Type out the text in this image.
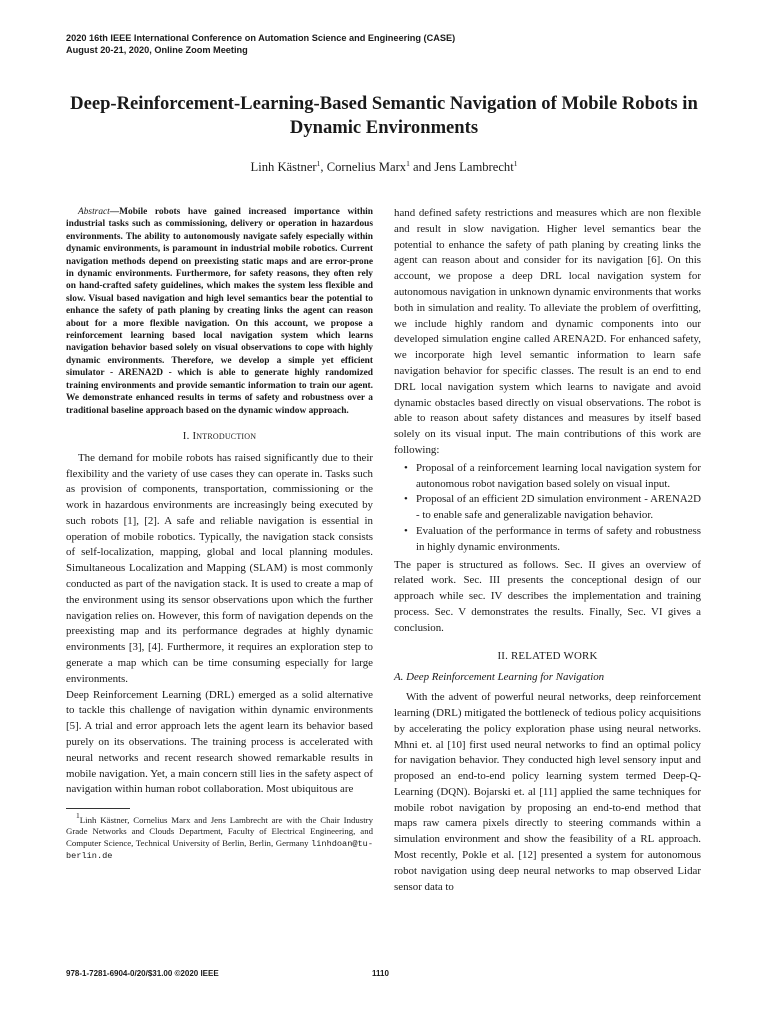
2020 16th IEEE International Conference on Automation Science and Engineering (CASE)
August 20-21, 2020, Online Zoom Meeting
Deep-Reinforcement-Learning-Based Semantic Navigation of Mobile Robots in Dynamic Environments
Linh Kästner$^1$, Cornelius Marx$^1$ and Jens Lambrecht$^1$

Abstract—Mobile robots have gained increased importance within industrial tasks such as commissioning, delivery or operation in hazardous environments. The ability to autonomously navigate safely especially within dynamic environments, is paramount in industrial mobile robotics. Current navigation methods depend on preexisting static maps and are error-prone in dynamic environments. Furthermore, for safety reasons, they often rely on hand-crafted safety guidelines, which makes the system less flexible and slow. Visual based navigation and high level semantics bear the potential to enhance the safety of path planing by creating links the agent can reason about for a more flexible navigation. On this account, we propose a reinforcement learning based local navigation system which learns navigation behavior based solely on visual observations to cope with highly dynamic environments. Therefore, we develop a simple yet efficient simulator - ARENA2D - which is able to generate highly randomized training environments and provide semantic information to train our agent. We demonstrate enhanced results in terms of safety and robustness over a traditional baseline approach based on the dynamic window approach.

I. Introduction

The demand for mobile robots has raised significantly due to their flexibility and the variety of use cases they can operate in. Tasks such as provision of components, transportation, commissioning or the work in hazardous environments are increasingly being executed by such robots [1], [2]. A safe and reliable navigation is essential in operation of mobile robotics. Typically, the navigation stack consists of self-localization, mapping, global and local planning modules. Simultaneous Localization and Mapping (SLAM) is most commonly conducted as part of the navigation stack. It is used to create a map of the environment using its sensor observations upon which the further navigation relies on. However, this form of navigation depends on the preexisting map and its performance degrades at highly dynamic environments [3], [4]. Furthermore, it requires an exploration step to generate a map which can be time consuming especially for large environments.

Deep Reinforcement Learning (DRL) emerged as a solid alternative to tackle this challenge of navigation within dynamic environments [5]. A trial and error approach lets the agent learn its behavior based purely on its observations. The training process is accelerated with neural networks and recent research showed remarkable results in mobile navigation. Yet, a main concern still lies in the safety aspect of navigation within human robot collaboration. Most ubiquitous are

$^1$Linh Kästner, Cornelius Marx and Jens Lambrecht are with the Chair Industry Grade Networks and Clouds Department, Faculty of Electrical Engineering, and Computer Science, Technical University of Berlin, Berlin, Germany linhdoan@tu-berlin.de

hand defined safety restrictions and measures which are non flexible and result in slow navigation. Higher level semantics bear the potential to enhance the safety of path planing by creating links the agent can reason about and consider for its navigation [6]. On this account, we propose a deep DRL local navigation system for autonomous navigation in unknown dynamic environments that works both in simulation and reality. To alleviate the problem of overfitting, we include highly random and dynamic components into our developed simulation engine called ARENA2D. For enhanced safety, we incorporate high level semantic information to learn safe navigation behavior for specific classes. The result is an end to end DRL local navigation system which learns to navigate and avoid dynamic obstacles based directly on visual observations. The robot is able to reason about safety distances and measures by itself based solely on its visual input. The main contributions of this work are following:

• Proposal of a reinforcement learning local navigation system for autonomous robot navigation based solely on visual input.
• Proposal of an efficient 2D simulation environment - ARENA2D - to enable safe and generalizable navigation behavior.
• Evaluation of the performance in terms of safety and robustness in highly dynamic environments.

The paper is structured as follows. Sec. II gives an overview of related work. Sec. III presents the conceptional design of our approach while sec. IV describes the implementation and training process. Sec. V demonstrates the results. Finally, Sec. VI gives a conclusion.

II. RELATED WORK
A. Deep Reinforcement Learning for Navigation

With the advent of powerful neural networks, deep reinforcement learning (DRL) mitigated the bottleneck of tedious policy acquisitions by accelerating the policy exploration phase using neural networks. Mhni et. al [10] first used neural networks to find an optimal policy for navigation behavior. They conducted high level sensory input and proposed an end-to-end policy learning system termed Deep-Q-Learning (DQN). Bojarski et. al [11] applied the same techniques for mobile robot navigation by proposing an end-to-end method that maps raw camera pixels directly to steering commands within a simulation environment and show the feasibility of a RL approach. Most recently, Pokle et al. [12] presented a system for autonomous robot navigation using deep neural networks to map observed Lidar sensor data to

978-1-7281-6904-0/20/$31.00 ©2020 IEEE	1110
